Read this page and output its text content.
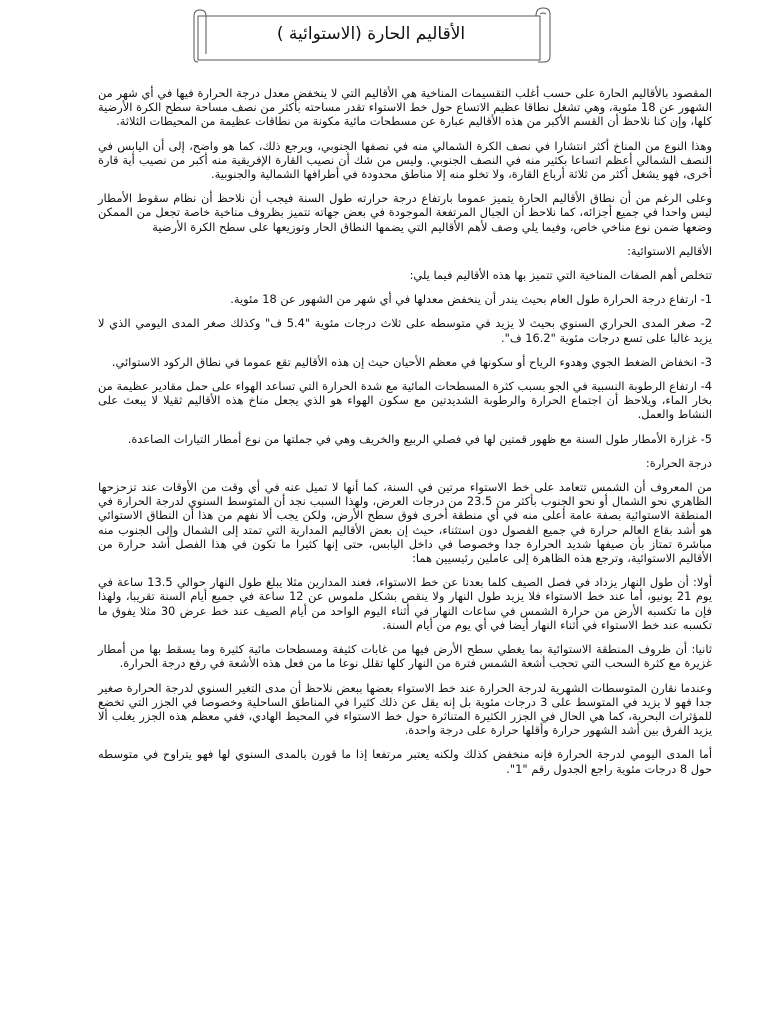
الأقاليم الحارة (الاستوائية )

المقصود بالأقاليم الحارة على حسب أغلب التقسيمات المناخية هي الأقاليم التي لا ينخفض معدل درجة الحرارة فيها في أي شهر من الشهور عن 18 مئوية، وهي تشغل نطاقا عظيم الاتساع حول خط الاستواء تقدر مساحته بأكثر من نصف مساحة سطح الكرة الأرضية كلها، وإن كنا نلاحظ أن القسم الأكبر من هذه الأقاليم عبارة عن مسطحات مائية مكونة من نطاقات عظيمة من المحيطات الثلاثة.

وهذا النوع من المناخ أكثر انتشارا في نصف الكرة الشمالي منه في نصفها الجنوبي، ويرجع ذلك، كما هو واضح، إلى أن اليابس في النصف الشمالي أعظم اتساعا بكثير منه في النصف الجنوبي. وليس من شك أن نصيب القارة الإفريقية منه أكبر من نصيب أية قارة أخرى، فهو يشغل أكثر من ثلاثة أرباع القارة، ولا تخلو منه إلا مناطق محدودة في أطرافها الشمالية والجنوبية.

وعلى الرغم من أن نطاق الأقاليم الحارة يتميز عموما بارتفاع درجة حرارته طول السنة فيجب أن نلاحظ أن نظام سقوط الأمطار ليس واحدا في جميع أجزائه، كما نلاحظ أن الجبال المرتفعة الموجودة في بعض جهاته تتميز بظروف مناخية خاصة تجعل من الممكن وضعها ضمن نوع مناخي خاص، وفيما يلي وصف لأهم الأقاليم التي يضمها النطاق الحار وتوزيعها على سطح الكرة الأرضية

الأقاليم الاستوائية:

تتخلص أهم الصفات المناخية التي تتميز بها هذه الأقاليم فيما يلي:

1- ارتفاع درجة الحرارة طول العام بحيث يندر أن ينخفض معدلها في أي شهر من الشهور عن 18 مئوية.

2- صغر المدى الحراري السنوي بحيث لا يزيد في متوسطه على ثلاث درجات مئوية "5.4 ف" وكذلك صغر المدى اليومي الذي لا يزيد غالبا على تسع درجات مئوية "16.2 ف".

3- انخفاض الضغط الجوي وهدوء الرياح أو سكونها في معظم الأحيان حيث إن هذه الأقاليم تقع عموما في نطاق الركود الاستوائي.

4- ارتفاع الرطوبة النسبية في الجو بسبب كثرة المسطحات المائية مع شدة الحرارة التي تساعد الهواء على حمل مقادير عظيمة من بخار الماء، ويلاحظ أن اجتماع الحرارة والرطوبة الشديدتين مع سكون الهواء هو الذي يجعل مناخ هذه الأقاليم ثقيلا لا يبعث على النشاط والعمل.

5- غزارة الأمطار طول السنة مع ظهور قمتين لها في فصلي الربيع والخريف وهي في جملتها من نوع أمطار التيارات الصاعدة.

درجة الحرارة:

من المعروف أن الشمس تتعامد على خط الاستواء مرتين في السنة، كما أنها لا تميل عنه في أي وقت من الأوقات عند تزحزحها الظاهري نحو الشمال أو نحو الجنوب بأكثر من 23.5 من درجات العرض، ولهذا السبب نجد أن المتوسط السنوي لدرجة الحرارة في المنطقة الاستوائية بصفة عامة أعلى منه في أي منطقة أخرى فوق سطح الأرض، ولكن يجب ألا نفهم من هذا أن النطاق الاستوائي هو أشد بقاع العالم حرارة في جميع الفصول دون استثناء، حيث إن بعض الأقاليم المدارية التي تمتد إلى الشمال وإلى الجنوب منه مباشرة تمتاز بأن صيفها شديد الحرارة جدا وخصوصا في داخل اليابس، حتى إنها كثيرا ما تكون في هذا الفصل أشد حرارة من الأقاليم الاستوائية، وترجع هذه الظاهرة إلى عاملين رئيسيين هما:

أولا: أن طول النهار يزداد في فصل الصيف كلما بعدنا عن خط الاستواء، فعند المدارين مثلا يبلغ طول النهار حوالي 13.5 ساعة في يوم 21 يونيو، أما عند خط الاستواء فلا يزيد طول النهار ولا ينقص بشكل ملموس عن 12 ساعة في جميع أيام السنة تقريبا، ولهذا فإن ما تكسبه الأرض من حرارة الشمس في ساعات النهار في أثناء اليوم الواحد من أيام الصيف عند خط عرض 30 مثلا يفوق ما تكسبه عند خط الاستواء في أثناء النهار أيضا في أي يوم من أيام السنة.

ثانيا: أن ظروف المنطقة الاستوائية بما يغطي سطح الأرض فيها من غابات كثيفة ومسطحات مائية كثيرة وما يسقط بها من أمطار غزيرة مع كثرة السحب التي تحجب أشعة الشمس فترة من النهار كلها تقلل نوعا ما من فعل هذه الأشعة في رفع درجة الحرارة.

وعندما نقارن المتوسطات الشهرية لدرجة الحرارة عند خط الاستواء بعضها ببعض نلاحظ أن مدى التغير السنوي لدرجة الحرارة صغير جدا فهو لا يزيد في المتوسط على 3 درجات مئوية بل إنه يقل عن ذلك كثيرا في المناطق الساحلية وخصوصا في الجزر التي تخضع للمؤثرات البحرية، كما هي الحال في الجزر الكثيرة المتناثرة حول خط الاستواء في المحيط الهادي، ففي معظم هذه الجزر يغلب ألا يزيد الفرق بين أشد الشهور حرارة وأقلها حرارة على درجة واحدة.

أما المدى اليومي لدرجة الحرارة فإنه منخفض كذلك ولكنه يعتبر مرتفعا إذا ما قورن بالمدى السنوي لها فهو يتراوح في متوسطه حول 8 درجات مئوية راجع الجدول رقم "1".
